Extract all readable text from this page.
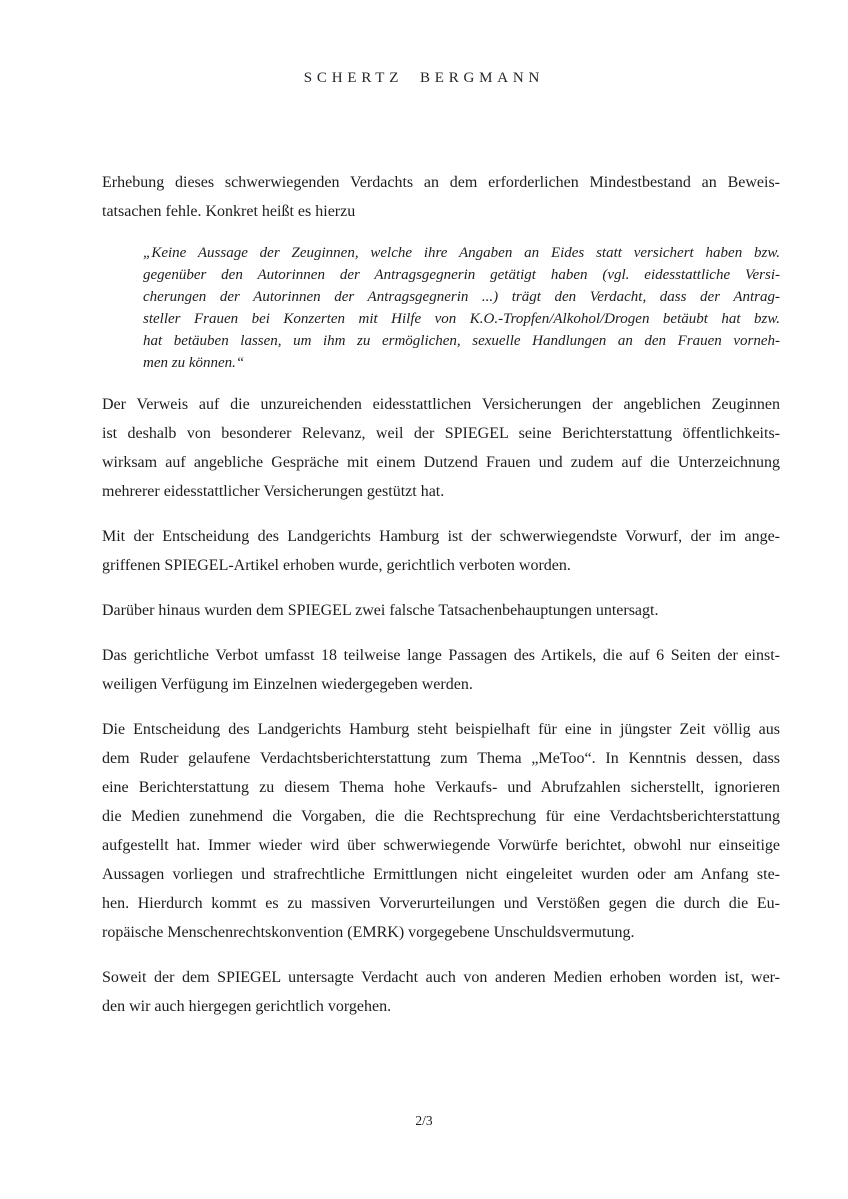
SCHERTZ BERGMANN
Erhebung dieses schwerwiegenden Verdachts an dem erforderlichen Mindestbestand an Beweis-
tatsachen fehle. Konkret heißt es hierzu
„Keine Aussage der Zeuginnen, welche ihre Angaben an Eides statt versichert haben bzw.
gegenüber den Autorinnen der Antragsgegnerin getätigt haben (vgl. eidesstattliche Versi-
cherungen der Autorinnen der Antragsgegnerin ...) trägt den Verdacht, dass der Antrag-
steller Frauen bei Konzerten mit Hilfe von K.O.-Tropfen/Alkohol/Drogen betäubt hat bzw.
hat betäuben lassen, um ihm zu ermöglichen, sexuelle Handlungen an den Frauen vorneh-
men zu können.“
Der Verweis auf die unzureichenden eidesstattlichen Versicherungen der angeblichen Zeuginnen
ist deshalb von besonderer Relevanz, weil der SPIEGEL seine Berichterstattung öffentlichkeits-
wirksam auf angebliche Gespräche mit einem Dutzend Frauen und zudem auf die Unterzeichnung
mehrerer eidesstattlicher Versicherungen gestützt hat.
Mit der Entscheidung des Landgerichts Hamburg ist der schwerwiegendste Vorwurf, der im ange-
griffenen SPIEGEL-Artikel erhoben wurde, gerichtlich verboten worden.
Darüber hinaus wurden dem SPIEGEL zwei falsche Tatsachenbehauptungen untersagt.
Das gerichtliche Verbot umfasst 18 teilweise lange Passagen des Artikels, die auf 6 Seiten der einst-
weiligen Verfügung im Einzelnen wiedergegeben werden.
Die Entscheidung des Landgerichts Hamburg steht beispielhaft für eine in jüngster Zeit völlig aus
dem Ruder gelaufene Verdachtsberichterstattung zum Thema „MeToo“. In Kenntnis dessen, dass
eine Berichterstattung zu diesem Thema hohe Verkaufs- und Abrufzahlen sicherstellt, ignorieren
die Medien zunehmend die Vorgaben, die die Rechtsprechung für eine Verdachtsberichterstattung
aufgestellt hat. Immer wieder wird über schwerwiegende Vorwürfe berichtet, obwohl nur einseitige
Aussagen vorliegen und strafrechtliche Ermittlungen nicht eingeleitet wurden oder am Anfang ste-
hen. Hierdurch kommt es zu massiven Vorverurteilungen und Verstößen gegen die durch die Eu-
ropäische Menschenrechtskonvention (EMRK) vorgegebene Unschuldsvermutung.
Soweit der dem SPIEGEL untersagte Verdacht auch von anderen Medien erhoben worden ist, wer-
den wir auch hiergegen gerichtlich vorgehen.
2/3
